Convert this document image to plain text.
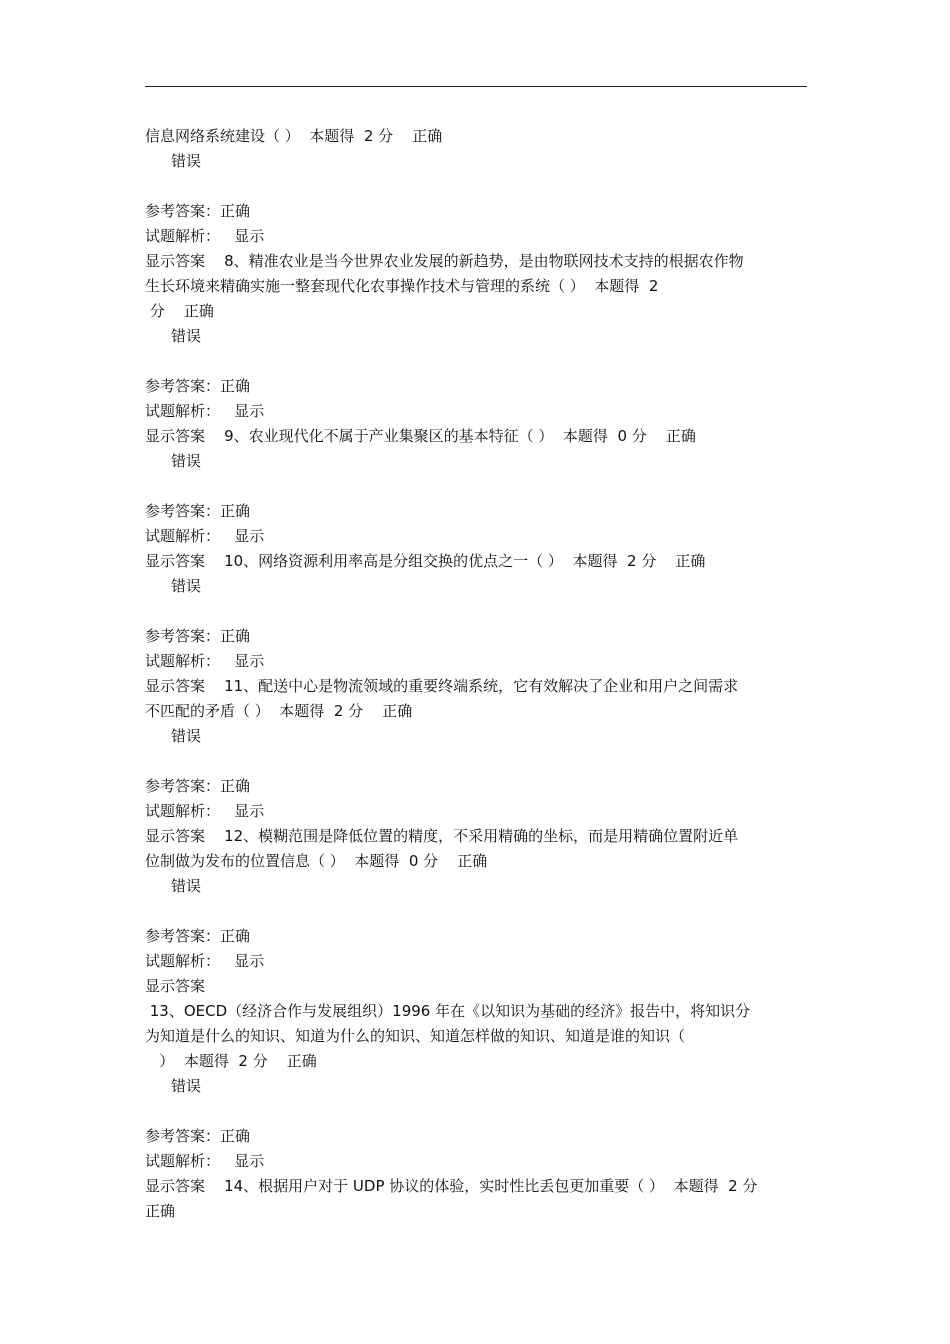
信息网络系统建设（ ）  本题得  2 分    正确
错误
参考答案：正确
试题解析：   显示
显示答案    8、精准农业是当今世界农业发展的新趋势，是由物联网技术支持的根据农作物
生长环境来精确实施一整套现代化农事操作技术与管理的系统（ ）  本题得  2
分    正确
错误
参考答案：正确
试题解析：   显示
显示答案    9、农业现代化不属于产业集聚区的基本特征（ ）  本题得  0 分    正确
错误
参考答案：正确
试题解析：   显示
显示答案    10、网络资源利用率高是分组交换的优点之一（ ）  本题得  2 分    正确
错误
参考答案：正确
试题解析：   显示
显示答案    11、配送中心是物流领域的重要终端系统，它有效解决了企业和用户之间需求
不匹配的矛盾（ ）  本题得  2 分    正确
错误
参考答案：正确
试题解析：   显示
显示答案    12、模糊范围是降低位置的精度，不采用精确的坐标，而是用精确位置附近单
位制做为发布的位置信息（ ）  本题得  0 分    正确
错误
参考答案：正确
试题解析：   显示
显示答案
13、OECD（经济合作与发展组织）1996 年在《以知识为基础的经济》报告中，将知识分
为知道是什么的知识、知道为什么的知识、知道怎样做的知识、知道是谁的知识（
）  本题得  2 分    正确
错误
参考答案：正确
试题解析：   显示
显示答案    14、根据用户对于 UDP 协议的体验，实时性比丢包更加重要（ ）  本题得  2 分
正确
